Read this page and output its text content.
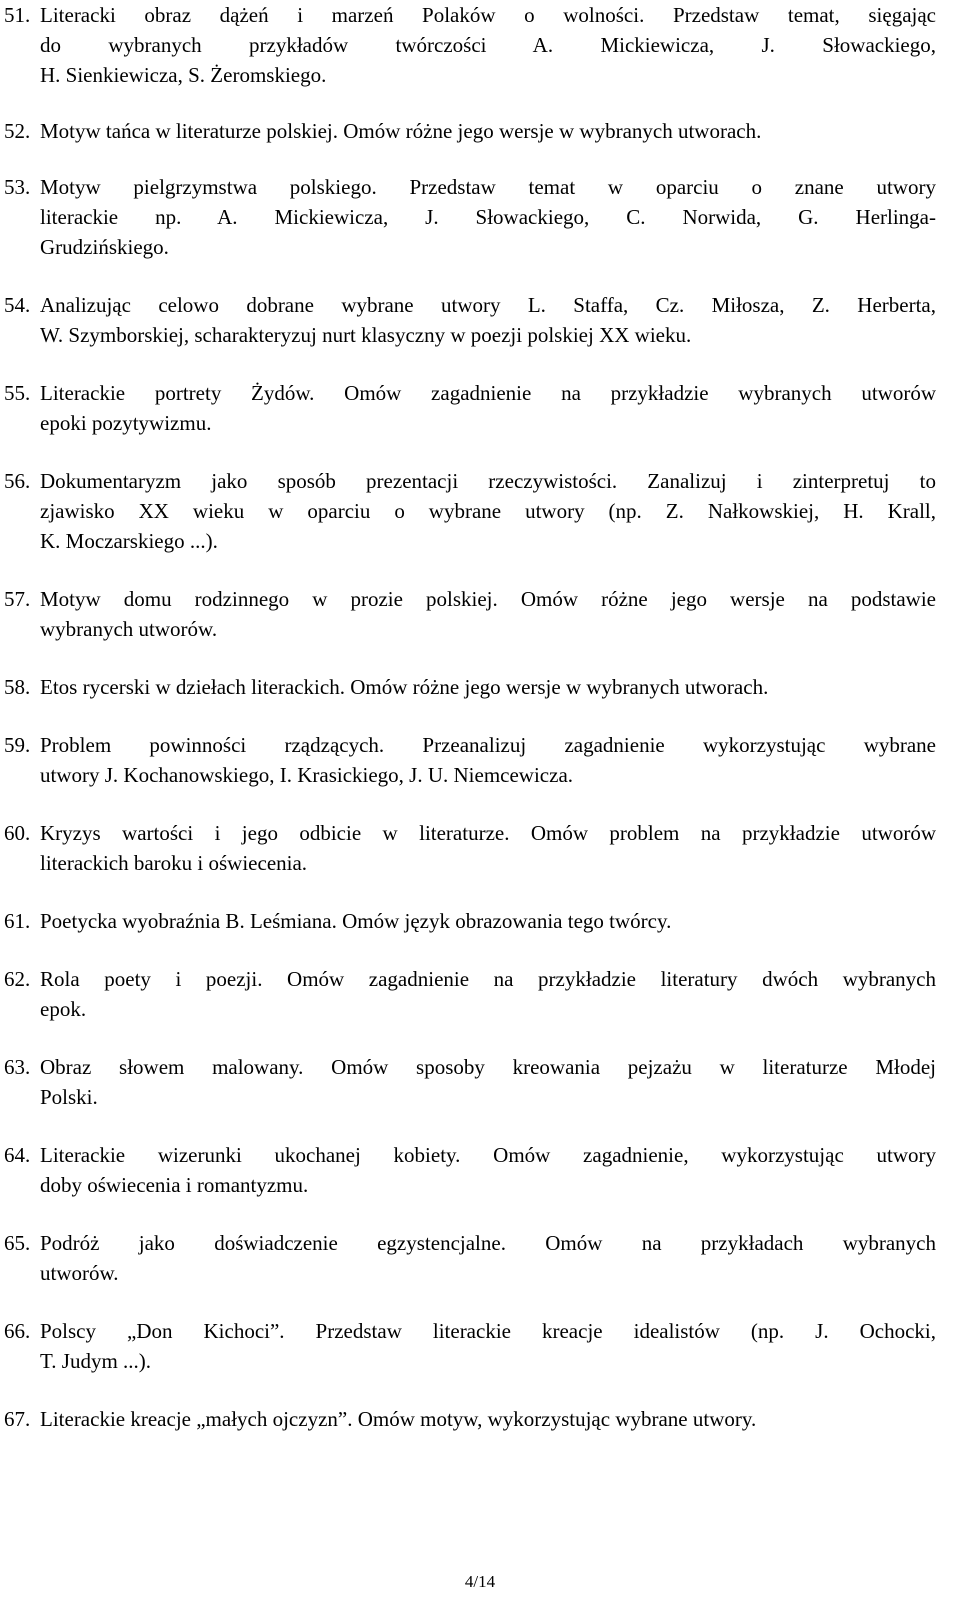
51. Literacki obraz dążeń i marzeń Polaków o wolności. Przedstaw temat, sięgając
do wybranych przykładów twórczości A. Mickiewicza, J. Słowackiego,
H. Sienkiewicza, S. Żeromskiego.
52. Motyw tańca w literaturze polskiej. Omów różne jego wersje w wybranych utworach.
53. Motyw pielgrzymstwa polskiego. Przedstaw temat w oparciu o znane utwory
literackie np. A. Mickiewicza, J. Słowackiego, C. Norwida, G. Herlinga-
Grudzińskiego.
54. Analizując celowo dobrane wybrane utwory L. Staffa, Cz. Miłosza, Z. Herberta,
W. Szymborskiej, scharakteryzuj nurt klasyczny w poezji polskiej XX wieku.
55. Literackie portrety Żydów. Omów zagadnienie na przykładzie wybranych utworów
epoki pozytywizmu.
56. Dokumentaryzm jako sposób prezentacji rzeczywistości. Zanalizuj i zinterpretuj to
zjawisko XX wieku w oparciu o wybrane utwory (np. Z. Nałkowskiej, H. Krall,
K. Moczarskiego ...).
57. Motyw domu rodzinnego w prozie polskiej. Omów różne jego wersje na podstawie
wybranych utworów.
58. Etos rycerski w dziełach literackich. Omów różne jego wersje w wybranych utworach.
59. Problem powinności rządzących. Przeanalizuj zagadnienie wykorzystując wybrane
utwory J. Kochanowskiego, I. Krasickiego, J. U. Niemcewicza.
60. Kryzys wartości i jego odbicie w literaturze. Omów problem na przykładzie utworów
literackich baroku i oświecenia.
61. Poetycka wyobraźnia B. Leśmiana. Omów język obrazowania tego twórcy.
62. Rola poety i poezji. Omów zagadnienie na przykładzie literatury dwóch wybranych
epok.
63. Obraz słowem malowany. Omów sposoby kreowania pejzażu w literaturze Młodej
Polski.
64. Literackie wizerunki ukochanej kobiety. Omów zagadnienie, wykorzystując utwory
doby oświecenia i romantyzmu.
65. Podróż jako doświadczenie egzystencjalne. Omów na przykładach wybranych
utworów.
66. Polscy „Don Kichoci”. Przedstaw literackie kreacje idealistów (np. J. Ochocki,
T. Judym ...).
67. Literackie kreacje „małych ojczyzn”. Omów motyw, wykorzystując wybrane utwory.
4/14
